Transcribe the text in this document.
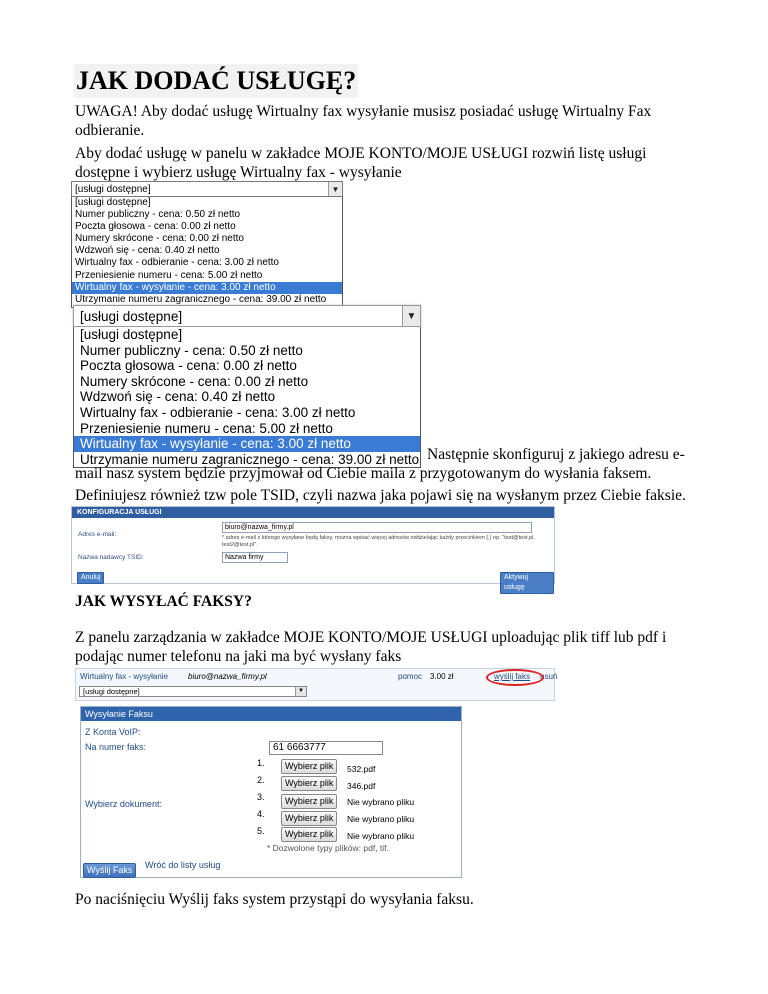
JAK DODAĆ USŁUGĘ?

UWAGA! Aby dodać usługę Wirtualny fax wysyłanie musisz posiadać usługę Wirtualny Fax odbieranie.

Aby dodać usługę w panelu w zakładce MOJE KONTO/MOJE USŁUGI rozwiń listę usługi dostępne i wybierz usługę Wirtualny fax - wysyłanie

[usługi dostępne]	▼
[usługi dostępne]
Numer publiczny - cena: 0.50 zł netto
Poczta głosowa - cena: 0.00 zł netto
Numery skrócone - cena: 0.00 zł netto
Wdzwoń się - cena: 0.40 zł netto
Wirtualny fax - odbieranie - cena: 3.00 zł netto
Przeniesienie numeru - cena: 5.00 zł netto
Wirtualny fax - wysyłanie - cena: 3.00 zł netto
Utrzymanie numeru zagranicznego - cena: 39.00 zł netto
[usługi dostępne]	▼
[usługi dostępne]
Numer publiczny - cena: 0.50 zł netto
Poczta głosowa - cena: 0.00 zł netto
Numery skrócone - cena: 0.00 zł netto
Wdzwoń się - cena: 0.40 zł netto
Wirtualny fax - odbieranie - cena: 3.00 zł netto
Przeniesienie numeru - cena: 5.00 zł netto
Wirtualny fax - wysyłanie - cena: 3.00 zł netto
Utrzymanie numeru zagranicznego - cena: 39.00 zł netto Następnie skonfiguruj z jakiego adresu e-

mail nasz system będzie przyjmował od Ciebie maila z przygotowanym do wysłania faksem.

Definiujesz również tzw pole TSID, czyli nazwa jaka pojawi się na wysłanym przez Ciebie faksie.

KONFIGURACJA USŁUGI
Adres e-mail:
biuro@nazwa_firmy.pl
* adres e-mail z którego wysyłane będą faksy, można wpisać więcej adresów oddzielając każdy przecinkiem (,) np. "test@test.pl, test2@test.pl".
Nazwa nadawcy TSID:	Nazwa firmy
Anuluj	Aktywuj usługę
JAK WYSYŁAĆ FAKSY?

Z panelu zarządzania w zakładce MOJE KONTO/MOJE USŁUGI uploadując plik tiff lub pdf i podając numer telefonu na jaki ma być wysłany faks

Wirtualny fax - wysyłanie biuro@nazwa_firmy.pl	pomoc 3.00 zł	wyślij faks usuń
[usługi dostępne]	▼
Wysyłanie Faksu
Z Konta VoIP:
Na numer faks:	61 6663777
1.	Wybierz plik	532.pdf
2.	Wybierz plik	346.pdf
3.	Wybierz plik	Nie wybrano pliku
Wybierz dokument:
4.	Wybierz plik	Nie wybrano pliku
5.	Wybierz plik	Nie wybrano pliku
* Dozwolone typy plików: pdf, tif.
Wyślij Faks	Wróć do listy usług

Po naciśnięciu Wyślij faks system przystąpi do wysyłania faksu.
